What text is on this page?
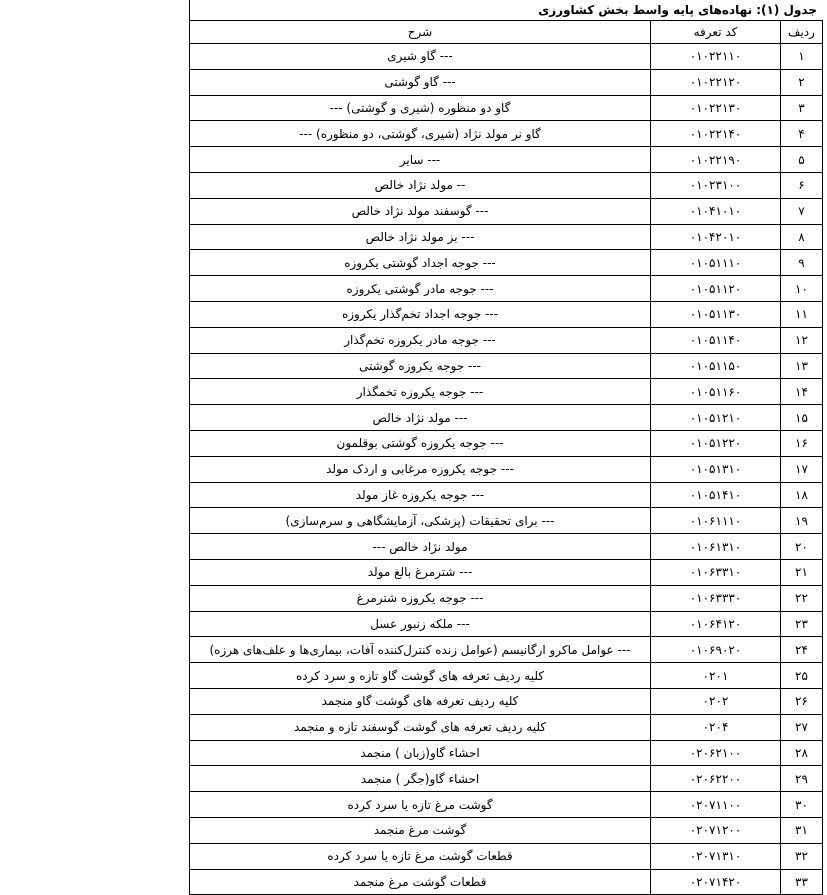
جدول (۱): نهاده‌های پایه واسط بخش کشاورزی
ردیف	کد تعرفه	شرح
۱	۰۱۰۲۲۱۱۰	--- گاو شیری
۲	۰۱۰۲۲۱۲۰	--- گاو گوشتی
۳	۰۱۰۲۲۱۳۰	گاو دو منظوره (شیری و گوشتی) ---
۴	۰۱۰۲۲۱۴۰	گاو نر مولد نژاد (شیری، گوشتی، دو منظوره) ---
۵	۰۱۰۲۲۱۹۰	--- سایر
۶	۰۱۰۲۳۱۰۰	-- مولد نژاد خالص
۷	۰۱۰۴۱۰۱۰	--- گوسفند مولد نژاد خالص
۸	۰۱۰۴۲۰۱۰	--- بز مولد نژاد خالص
۹	۰۱۰۵۱۱۱۰	--- جوجه اجداد گوشتی یکروزه
۱۰	۰۱۰۵۱۱۲۰	--- جوجه مادر گوشتی یکروزه
۱۱	۰۱۰۵۱۱۳۰	--- جوجه اجداد تخم‌گذار یکروزه
۱۲	۰۱۰۵۱۱۴۰	--- جوجه مادر یکروزه تخم‌گذار
۱۳	۰۱۰۵۱۱۵۰	--- جوجه یکروزه گوشتی
۱۴	۰۱۰۵۱۱۶۰	--- جوجه یکروزه تخمگذار
۱۵	۰۱۰۵۱۲۱۰	--- مولد نژاد خالص
۱۶	۰۱۰۵۱۲۲۰	--- جوجه یکروزه گوشتی بوقلمون
۱۷	۰۱۰۵۱۳۱۰	--- جوجه یکروزه مرغابی و اردک مولد
۱۸	۰۱۰۵۱۴۱۰	--- جوجه یکروزه غاز مولد
۱۹	۰۱۰۶۱۱۱۰	--- برای تحقیقات (پزشکی، آزمایشگاهی و سرم‌سازی)
۲۰	۰۱۰۶۱۳۱۰	مولد نژاد خالص ---
۲۱	۰۱۰۶۳۳۱۰	--- شترمرغ بالغ مولد
۲۲	۰۱۰۶۳۳۳۰	--- جوجه یکروزه شترمرغ
۲۳	۰۱۰۶۴۱۲۰	--- ملکه زنبور عسل
۲۴	۰۱۰۶۹۰۲۰	--- عوامل ماکرو ارگانیسم (عوامل زنده کنترل‌کننده آفات، بیماری‌ها و علف‌های هرزه)
۲۵	۰۲۰۱	کلیه ردیف تعرفه های گوشت گاو تازه و سرد کرده
۲۶	۰۲۰۲	کلیه ردیف تعرفه های گوشت گاو منجمد
۲۷	۰۲۰۴	کلیه ردیف تعرفه های گوشت گوسفند تازه و منجمد
۲۸	۰۲۰۶۲۱۰۰	احشاء گاو(زبان ) منجمد
۲۹	۰۲۰۶۲۲۰۰	احشاء گاو(جگر ) منجمد
۳۰	۰۲۰۷۱۱۰۰	گوشت مرغ تازه یا سرد کرده
۳۱	۰۲۰۷۱۲۰۰	گوشت مرغ منجمد
۳۲	۰۲۰۷۱۳۱۰	قطعات گوشت مرغ تازه یا سرد کرده
۳۳	۰۲۰۷۱۴۲۰	قطعات گوشت مرغ منجمد
